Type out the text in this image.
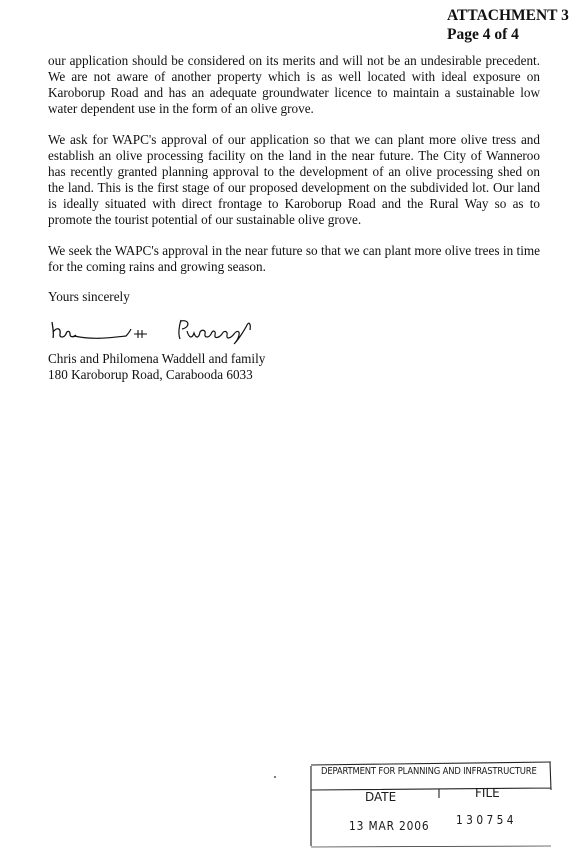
ATTACHMENT 3
Page 4 of 4

our application should be considered on its merits and will not be an undesirable precedent. We are not aware of another property which is as well located with ideal exposure on Karoborup Road and has an adequate groundwater licence to maintain a sustainable low water dependent use in the form of an olive grove.

We ask for WAPC's approval of our application so that we can plant more olive tress and establish an olive processing facility on the land in the near future. The City of Wanneroo has recently granted planning approval to the development of an olive processing shed on the land. This is the first stage of our proposed development on the subdivided lot. Our land is ideally situated with direct frontage to Karoborup Road and the Rural Way so as to promote the tourist potential of our sustainable olive grove.

We seek the WAPC's approval in the near future so that we can plant more olive trees in time for the coming rains and growing season.

Yours sincerely
Chris and Philomena Waddell and family
180 Karoborup Road, Carabooda 6033
DEPARTMENT FOR PLANNING AND INFRASTRUCTURE
DATE	FILE
13 MAR 2006 130754
